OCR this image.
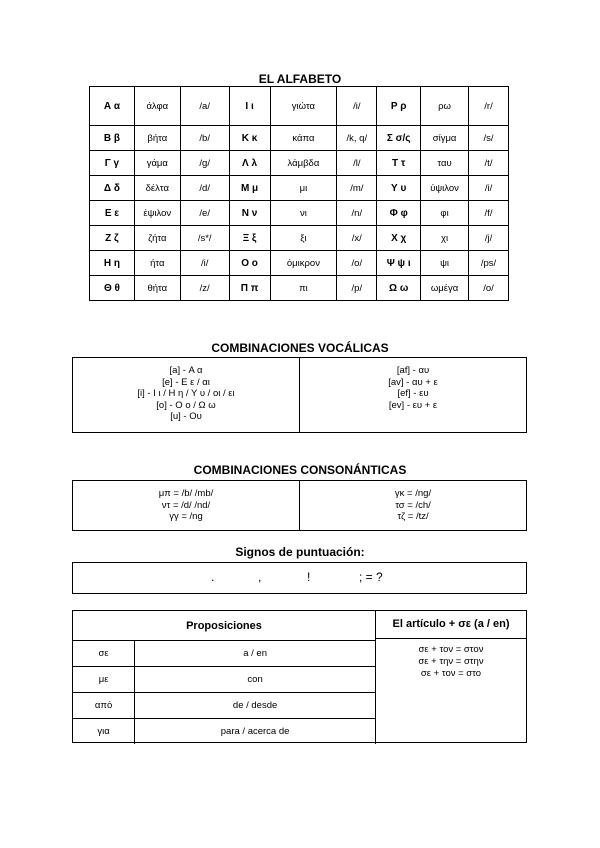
EL ALFABETO
Α α	άλφα	/a/	Ι ι	γιώτα	/i/	Ρ ρ	ρω	/r/
Β β	βήτα	/b/	Κ κ	κάπα	/k, q/	Σ σ/ς	σίγμα	/s/
Γ γ	γάμα	/g/	Λ λ	λάμβδα	/l/	Τ τ	ταυ	/t/
Δ δ	δέλτα	/d/	Μ μ	μι	/m/	Υ υ	ύψιλον	/i/
Ε ε	έψιλον	/e/	Ν ν	νι	/n/	Φ φ	φι	/f/
Ζ ζ	ζήτα	/s*/	Ξ ξ	ξι	/x/	Χ χ	χι	/j/
Η η	ήτα	/i/	Ο ο	όμικρον	/o/	Ψ ψ ι	ψι	/ps/
Θ θ	θήτα	/z/	Π π	πι	/p/	Ω ω	ωμέγα	/o/
COMBINACIONES VOCÁLICAS
[a] - Α α
[e] - Ε ε / αι
[i] - Ι ι / Η η / Υ υ / οι / ει
[o] - Ο ο / Ω ω
[u] - Ου
[af] - αυ
[av] - αυ + ε
[ef] - ευ
[ev] - ευ + ε
COMBINACIONES CONSONÁNTICAS
μπ = /b/ /mb/
ντ = /d/ /nd/
γγ = /ng
γκ = /ng/
τσ = /ch/
τζ = /tz/
Signos de puntuación:
.	,	!	; = ?
Proposiciones	
σε	a / en
με	con
από	de / desde
για	para / acerca de
El artículo + σε (a / en)
σε + τον = στον
σε + την = στην
σε + τον = στο
